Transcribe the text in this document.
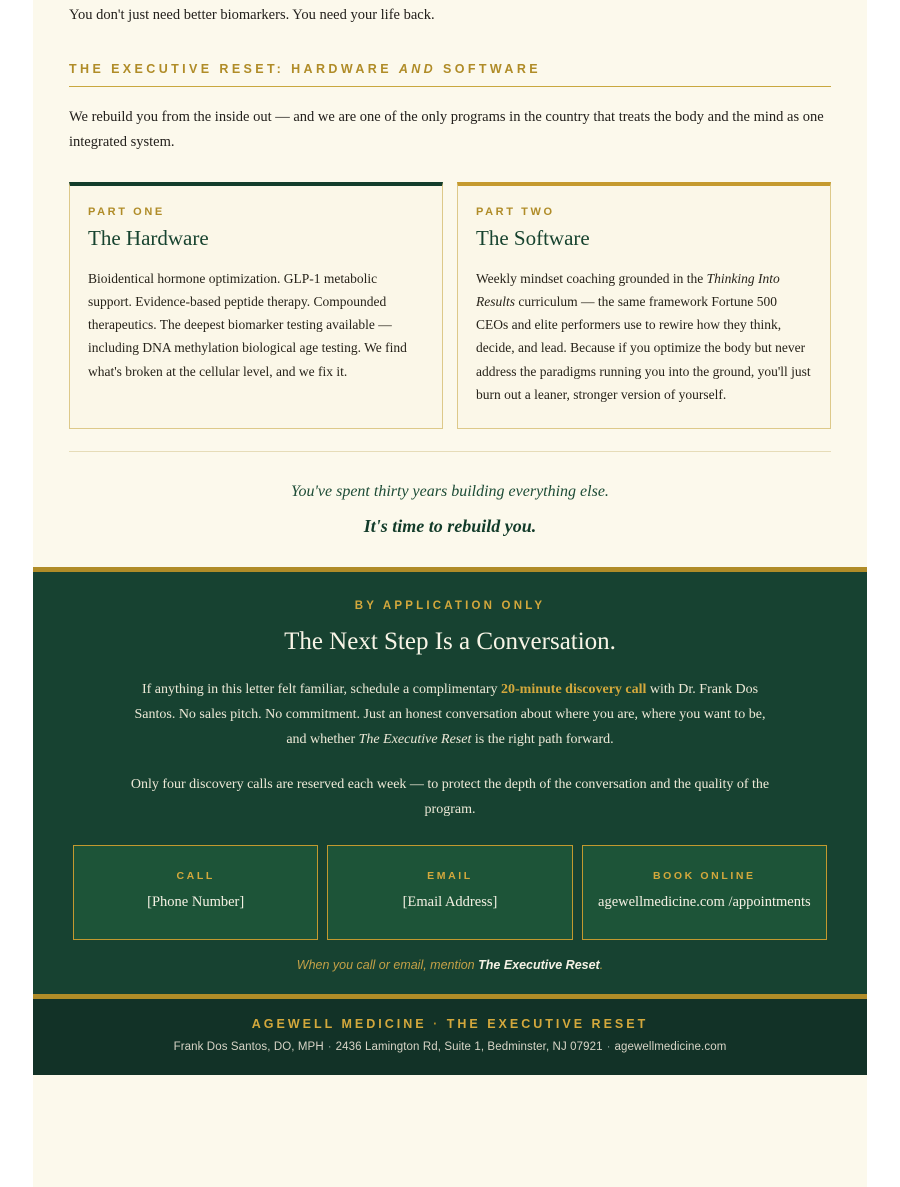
You don't just need better biomarkers. You need your life back.

THE EXECUTIVE RESET: HARDWARE AND SOFTWARE

We rebuild you from the inside out — and we are one of the only programs in the country that treats the body and the mind as one integrated system.

PART ONE
The Hardware

Bioidentical hormone optimization. GLP-1 metabolic support. Evidence-based peptide therapy. Compounded therapeutics. The deepest biomarker testing available — including DNA methylation biological age testing. We find what's broken at the cellular level, and we fix it.

PART TWO
The Software

Weekly mindset coaching grounded in the Thinking Into Results curriculum — the same framework Fortune 500 CEOs and elite performers use to rewire how they think, decide, and lead. Because if you optimize the body but never address the paradigms running you into the ground, you'll just burn out a leaner, stronger version of yourself.

You've spent thirty years building everything else.
It's time to rebuild you.
BY APPLICATION ONLY
The Next Step Is a Conversation.

If anything in this letter felt familiar, schedule a complimentary 20-minute discovery call with Dr. Frank Dos Santos. No sales pitch. No commitment. Just an honest conversation about where you are, where you want to be, and whether The Executive Reset is the right path forward.

Only four discovery calls are reserved each week — to protect the depth of the conversation and the quality of the program.

CALL
[Phone Number]
EMAIL
[Email Address]
BOOK ONLINE
agewellmedicine.com /appointments
When you call or email, mention The Executive Reset.
AGEWELL MEDICINE · THE EXECUTIVE RESET
Frank Dos Santos, DO, MPH · 2436 Lamington Rd, Suite 1, Bedminster, NJ 07921 · agewellmedicine.com
